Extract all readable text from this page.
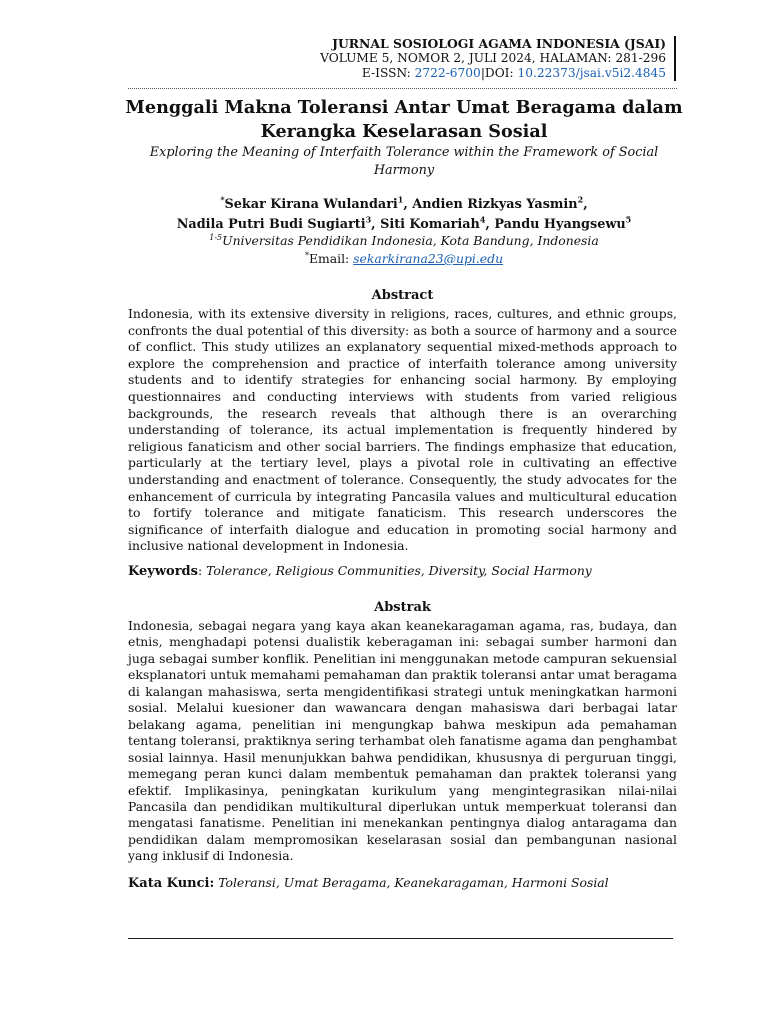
JURNAL SOSIOLOGI AGAMA INDONESIA (JSAI)
VOLUME 5, NOMOR 2, JULI 2024, HALAMAN: 281-296
E-ISSN: 2722-6700|DOI: 10.22373/jsai.v5i2.4845
Menggali Makna Toleransi Antar Umat Beragama dalam Kerangka Keselarasan Sosial
Exploring the Meaning of Interfaith Tolerance within the Framework of Social Harmony
*Sekar Kirana Wulandari$^1$, Andien Rizkyas Yasmin$^2$,
Nadila Putri Budi Sugiarti$^3$, Siti Komariah$^4$, Pandu Hyangsewu$^5$
$^{1-5}$Universitas Pendidikan Indonesia, Kota Bandung, Indonesia
*Email: sekarkirana23@upi.edu
Abstract
Indonesia, with its extensive diversity in religions, races, cultures, and ethnic groups, confronts the dual potential of this diversity: as both a source of harmony and a source of conflict. This study utilizes an explanatory sequential mixed-methods approach to explore the comprehension and practice of interfaith tolerance among university students and to identify strategies for enhancing social harmony. By employing questionnaires and conducting interviews with students from varied religious backgrounds, the research reveals that although there is an overarching understanding of tolerance, its actual implementation is frequently hindered by religious fanaticism and other social barriers. The findings emphasize that education, particularly at the tertiary level, plays a pivotal role in cultivating an effective understanding and enactment of tolerance. Consequently, the study advocates for the enhancement of curricula by integrating Pancasila values and multicultural education to fortify tolerance and mitigate fanaticism. This research underscores the significance of interfaith dialogue and education in promoting social harmony and inclusive national development in Indonesia.
Keywords: Tolerance, Religious Communities, Diversity, Social Harmony
Abstrak
Indonesia, sebagai negara yang kaya akan keanekaragaman agama, ras, budaya, dan etnis, menghadapi potensi dualistik keberagaman ini: sebagai sumber harmoni dan juga sebagai sumber konflik. Penelitian ini menggunakan metode campuran sekuensial eksplanatori untuk memahami pemahaman dan praktik toleransi antar umat beragama di kalangan mahasiswa, serta mengidentifikasi strategi untuk meningkatkan harmoni sosial. Melalui kuesioner dan wawancara dengan mahasiswa dari berbagai latar belakang agama, penelitian ini mengungkap bahwa meskipun ada pemahaman tentang toleransi, praktiknya sering terhambat oleh fanatisme agama dan penghambat sosial lainnya. Hasil menunjukkan bahwa pendidikan, khususnya di perguruan tinggi, memegang peran kunci dalam membentuk pemahaman dan praktek toleransi yang efektif. Implikasinya, peningkatan kurikulum yang mengintegrasikan nilai-nilai Pancasila dan pendidikan multikultural diperlukan untuk memperkuat toleransi dan mengatasi fanatisme. Penelitian ini menekankan pentingnya dialog antaragama dan pendidikan dalam mempromosikan keselarasan sosial dan pembangunan nasional yang inklusif di Indonesia.
Kata Kunci: Toleransi, Umat Beragama, Keanekaragaman, Harmoni Sosial
